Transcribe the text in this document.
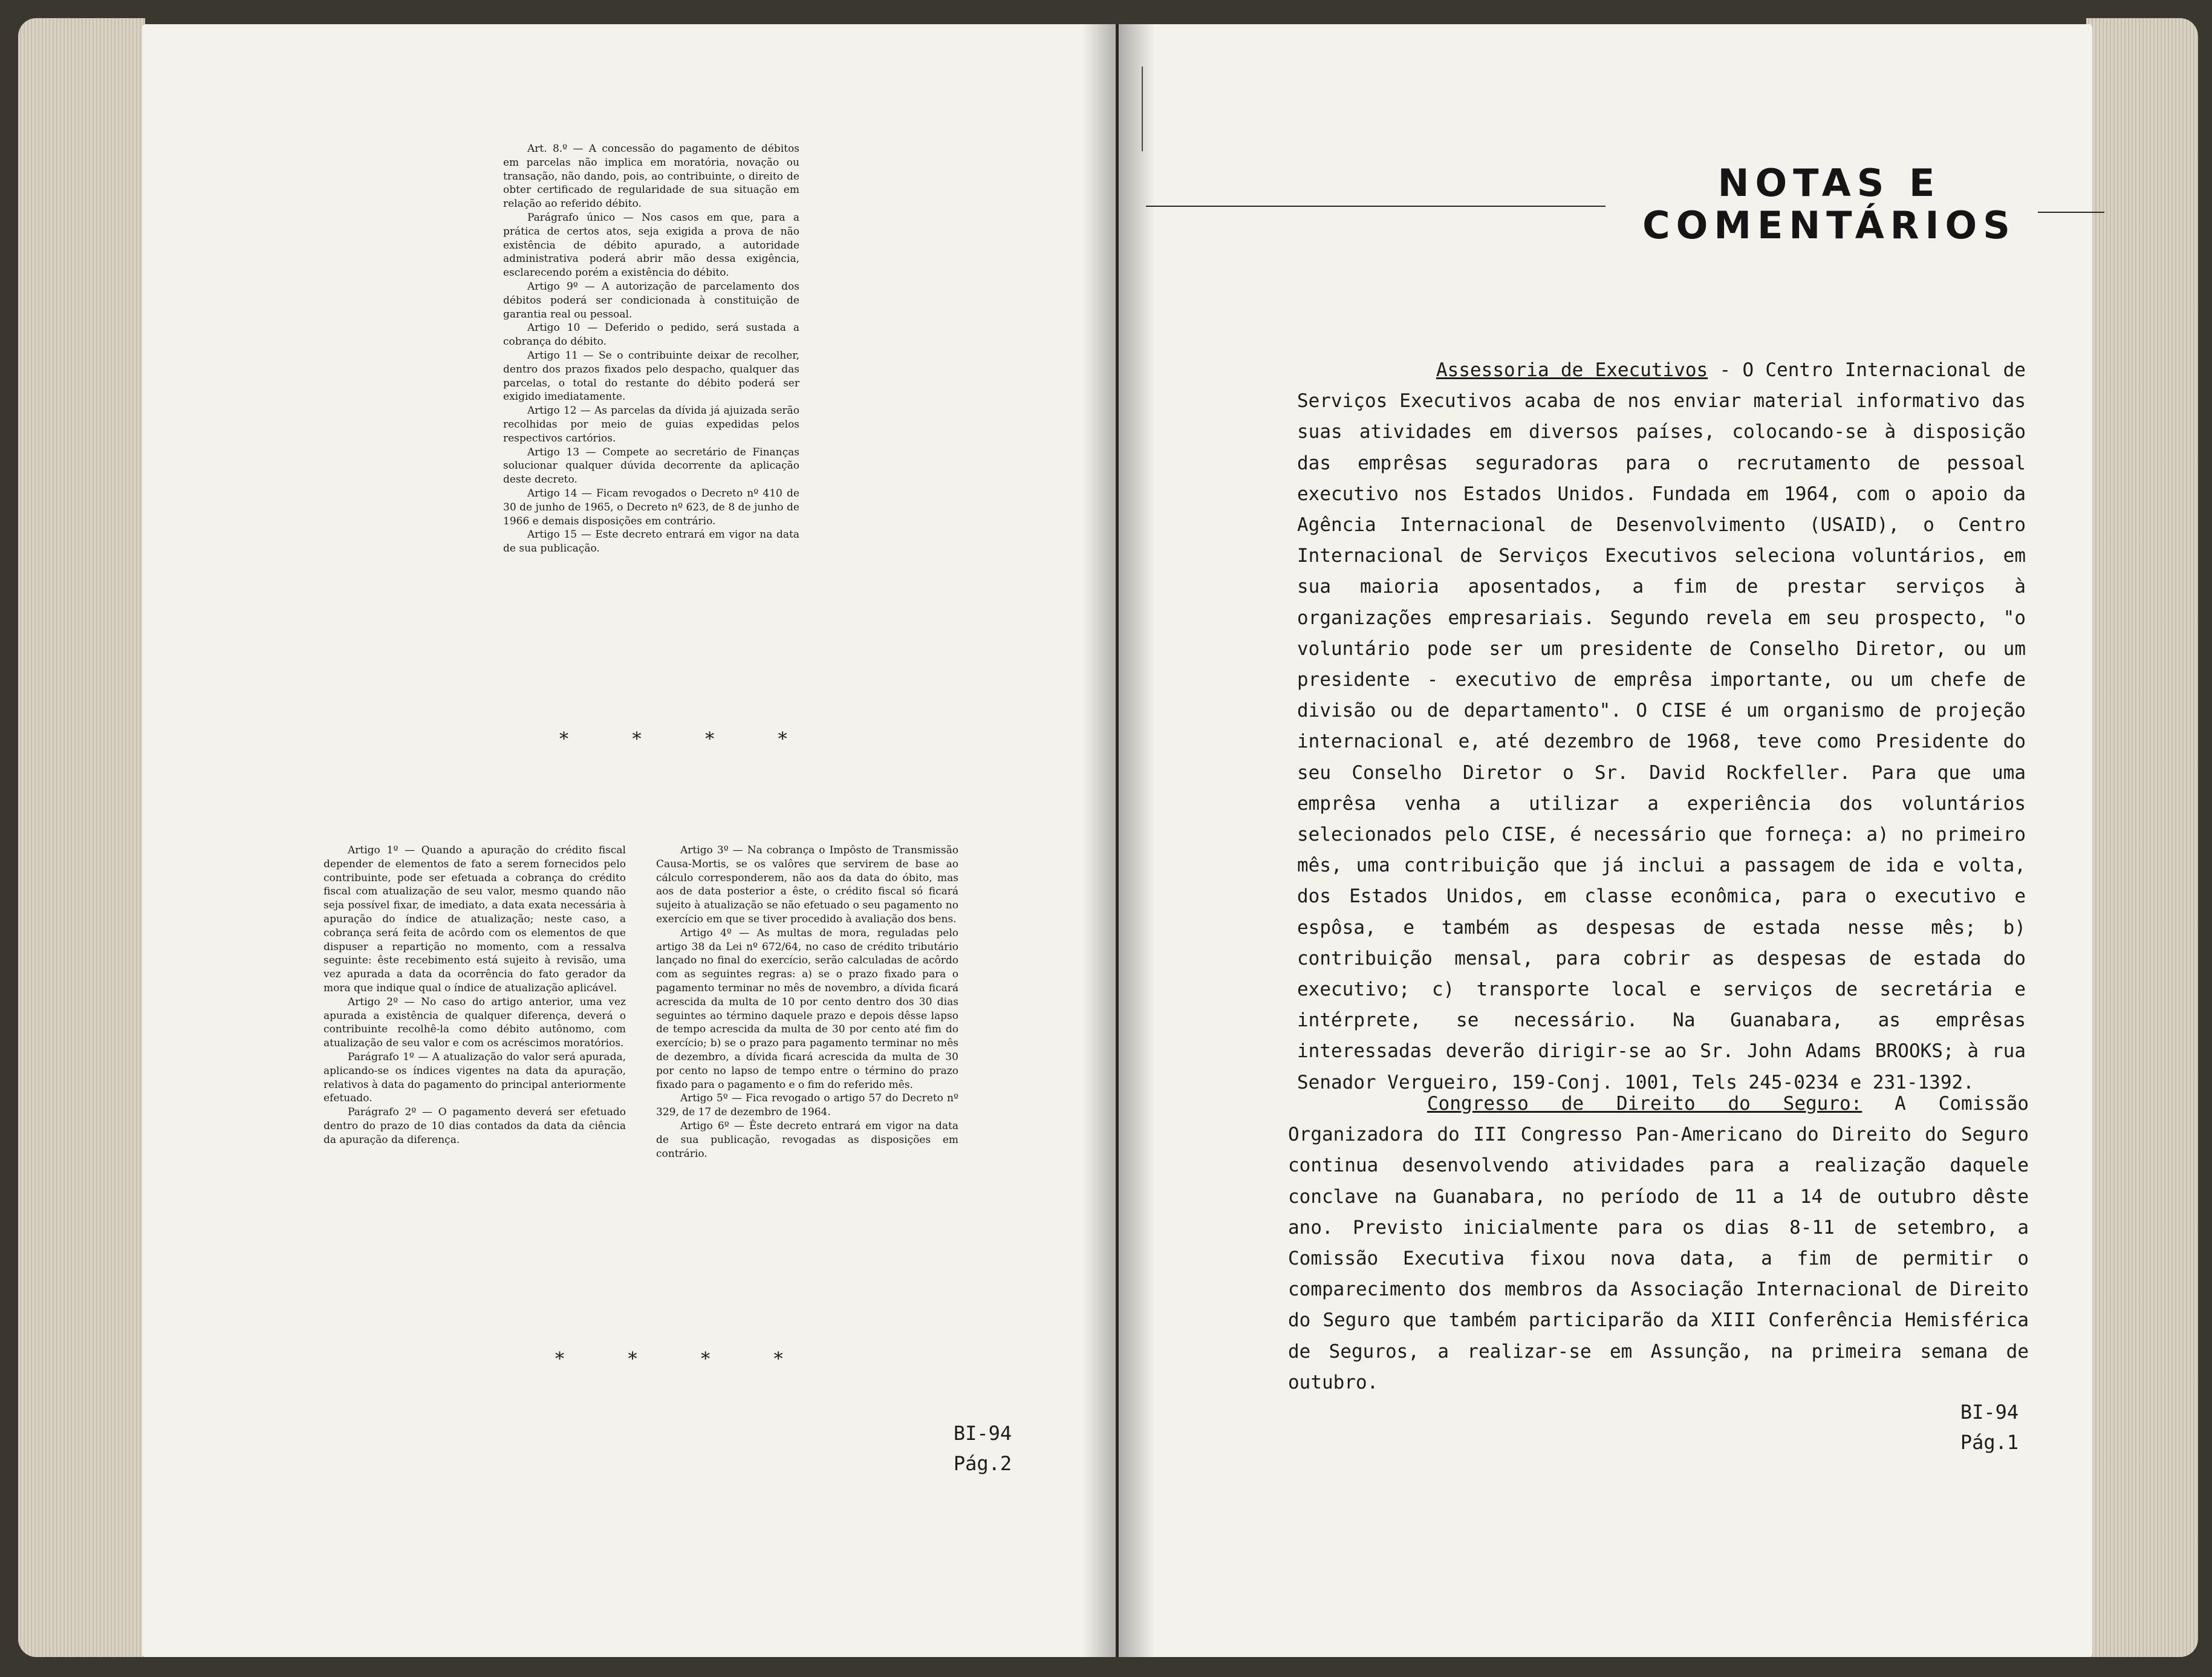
Art. 8.º — A concessão do pagamento de débitos em parcelas não implica em moratória, novação ou transação, não dando, pois, ao contribuinte, o direito de obter certificado de regularidade de sua situação em relação ao referido débito.

Parágrafo único — Nos casos em que, para a prática de certos atos, seja exigida a prova de não existência de débito apurado, a autoridade administrativa poderá abrir mão dessa exigência, esclarecendo porém a existência do débito.

Artigo 9º — A autorização de parcelamento dos débitos poderá ser condicionada à constituição de garantia real ou pessoal.

Artigo 10 — Deferido o pedido, será sustada a cobrança do débito.

Artigo 11 — Se o contribuinte deixar de recolher, dentro dos prazos fixados pelo despacho, qualquer das parcelas, o total do restante do débito poderá ser exigido imediatamente.

Artigo 12 — As parcelas da dívida já ajuizada serão recolhidas por meio de guias expedidas pelos respectivos cartórios.

Artigo 13 — Compete ao secretário de Finanças solucionar qualquer dúvida decorrente da aplicação deste decreto.

Artigo 14 — Ficam revogados o Decreto nº 410 de 30 de junho de 1965, o Decreto nº 623, de 8 de junho de 1966 e demais disposições em contrário.

Artigo 15 — Este decreto entrará em vigor na data de sua publicação.

* * * *

Artigo 1º — Quando a apuração do crédito fiscal depender de elementos de fato a serem fornecidos pelo contribuinte, pode ser efetuada a cobrança do crédito fiscal com atualização de seu valor, mesmo quando não seja possível fixar, de imediato, a data exata necessária à apuração do índice de atualização; neste caso, a cobrança será feita de acôrdo com os elementos de que dispuser a repartição no momento, com a ressalva seguinte: êste recebimento está sujeito à revisão, uma vez apurada a data da ocorrência do fato gerador da mora que indique qual o índice de atualização aplicável.

Artigo 2º — No caso do artigo anterior, uma vez apurada a existência de qualquer diferença, deverá o contribuinte recolhê-la como débito autônomo, com atualização de seu valor e com os acréscimos moratórios.

Parágrafo 1º — A atualização do valor será apurada, aplicando-se os índices vigentes na data da apuração, relativos à data do pagamento do principal anteriormente efetuado.

Parágrafo 2º — O pagamento deverá ser efetuado dentro do prazo de 10 dias contados da data da ciência da apuração da diferença.

Artigo 3º — Na cobrança o Impôsto de Transmissão Causa-Mortis, se os valôres que servirem de base ao cálculo corresponderem, não aos da data do óbito, mas aos de data posterior a êste, o crédito fiscal só ficará sujeito à atualização se não efetuado o seu pagamento no exercício em que se tiver procedido à avaliação dos bens.

Artigo 4º — As multas de mora, reguladas pelo artigo 38 da Lei nº 672/64, no caso de crédito tributário lançado no final do exercício, serão calculadas de acôrdo com as seguintes regras: a) se o prazo fixado para o pagamento terminar no mês de novembro, a dívida ficará acrescida da multa de 10 por cento dentro dos 30 dias seguintes ao término daquele prazo e depois dêsse lapso de tempo acrescida da multa de 30 por cento até fim do exercício; b) se o prazo para pagamento terminar no mês de dezembro, a dívida ficará acrescida da multa de 30 por cento no lapso de tempo entre o término do prazo fixado para o pagamento e o fim do referido mês.

Artigo 5º — Fica revogado o artigo 57 do Decreto nº 329, de 17 de dezembro de 1964.

Artigo 6º — Êste decreto entrará em vigor na data de sua publicação, revogadas as disposições em contrário.

* * * *
BI-94
Pág.2
NOTAS E
COMENTÁRIOS

Assessoria de Executivos - O Centro Internacional de Serviços Executivos acaba de nos enviar material informativo das suas atividades em diversos países, colocando-se à disposição das emprêsas seguradoras para o recrutamento de pessoal executivo nos Estados Unidos. Fundada em 1964, com o apoio da Agência Internacional de Desenvolvimento (USAID), o Centro Internacional de Serviços Executivos seleciona voluntários, em sua maioria aposentados, a fim de prestar serviços à organizações empresariais. Segundo revela em seu prospecto, "o voluntário pode ser um presidente de Conselho Diretor, ou um presidente - executivo de emprêsa importante, ou um chefe de divisão ou de departamento". O CISE é um organismo de projeção internacional e, até dezembro de 1968, teve como Presidente do seu Conselho Diretor o Sr. David Rockfeller. Para que uma emprêsa venha a utilizar a experiência dos voluntários selecionados pelo CISE, é necessário que forneça: a) no primeiro mês, uma contribuição que já inclui a passagem de ida e volta, dos Estados Unidos, em classe econômica, para o executivo e espôsa, e também as despesas de estada nesse mês; b) contribuição mensal, para cobrir as despesas de estada do executivo; c) transporte local e serviços de secretária e intérprete, se necessário. Na Guanabara, as emprêsas interessadas deverão dirigir-se ao Sr. John Adams BROOKS; à rua Senador Vergueiro, 159-Conj. 1001, Tels 245-0234 e 231-1392.

Congresso de Direito do Seguro: A Comissão Organizadora do III Congresso Pan-Americano do Direito do Seguro continua desenvolvendo atividades para a realização daquele conclave na Guanabara, no período de 11 a 14 de outubro dêste ano. Previsto inicialmente para os dias 8-11 de setembro, a Comissão Executiva fixou nova data, a fim de permitir o comparecimento dos membros da Associação Internacional de Direito do Seguro que também participarão da XIII Conferência Hemisférica de Seguros, a realizar-se em Assunção, na primeira semana de outubro.

BI-94
Pág.1
